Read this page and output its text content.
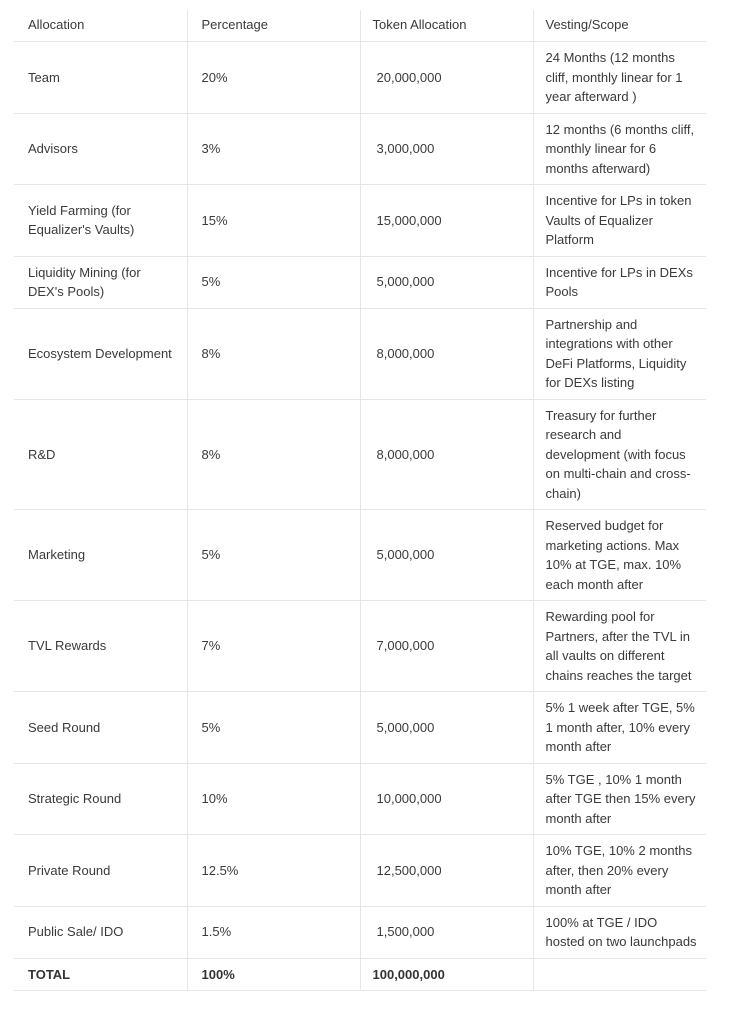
Allocation	Percentage	Token Allocation	Vesting/Scope
Team	20%	20,000,000	24 Months (12 months cliff, monthly linear for 1 year afterward )
Advisors	3%	3,000,000	12 months (6 months cliff, monthly linear for 6 months afterward)
Yield Farming (for Equalizer's Vaults)	15%	15,000,000	Incentive for LPs in token Vaults of Equalizer Platform
Liquidity Mining (for DEX's Pools)	5%	5,000,000	Incentive for LPs in DEXs Pools
Ecosystem Development	8%	8,000,000	Partnership and integrations with other DeFi Platforms, Liquidity for DEXs listing
R&D	8%	8,000,000	Treasury for further research and development (with focus on multi-chain and cross-chain)
Marketing	5%	5,000,000	Reserved budget for marketing actions. Max 10% at TGE, max. 10% each month after
TVL Rewards	7%	7,000,000	Rewarding pool for Partners, after the TVL in all vaults on different chains reaches the target
Seed Round	5%	5,000,000	5% 1 week after TGE, 5% 1 month after, 10% every month after
Strategic Round	10%	10,000,000	5% TGE , 10% 1 month after TGE then 15% every month after
Private Round	12.5%	12,500,000	10% TGE, 10% 2 months after, then 20% every month after
Public Sale/ IDO	1.5%	1,500,000	100% at TGE / IDO hosted on two launchpads
TOTAL	100%	100,000,000	
